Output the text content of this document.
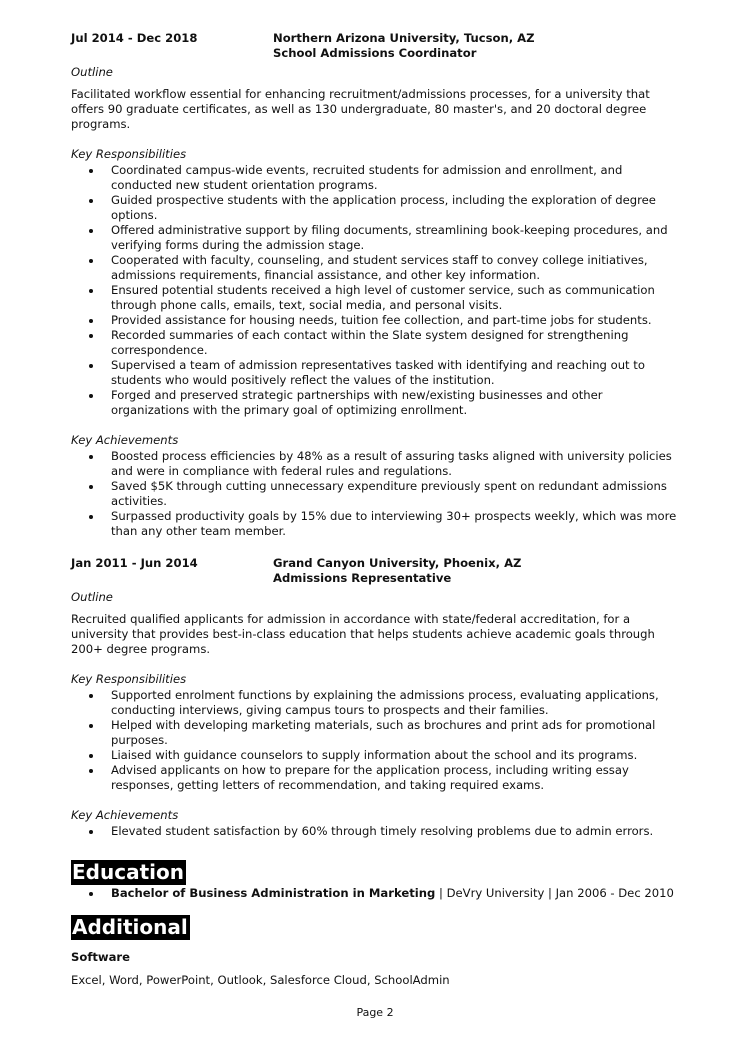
Jul 2014 - Dec 2018	Northern Arizona University, Tucson, AZ
School Admissions Coordinator
Outline
Facilitated workflow essential for enhancing recruitment/admissions processes, for a university that offers 90 graduate certificates, as well as 130 undergraduate, 80 master's, and 20 doctoral degree programs.
Key Responsibilities
Coordinated campus-wide events, recruited students for admission and enrollment, and conducted new student orientation programs.
Guided prospective students with the application process, including the exploration of degree options.
Offered administrative support by filing documents, streamlining book-keeping procedures, and verifying forms during the admission stage.
Cooperated with faculty, counseling, and student services staff to convey college initiatives, admissions requirements, financial assistance, and other key information.
Ensured potential students received a high level of customer service, such as communication through phone calls, emails, text, social media, and personal visits.
Provided assistance for housing needs, tuition fee collection, and part-time jobs for students.
Recorded summaries of each contact within the Slate system designed for strengthening correspondence.
Supervised a team of admission representatives tasked with identifying and reaching out to students who would positively reflect the values of the institution.
Forged and preserved strategic partnerships with new/existing businesses and other organizations with the primary goal of optimizing enrollment.
Key Achievements
Boosted process efficiencies by 48% as a result of assuring tasks aligned with university policies and were in compliance with federal rules and regulations.
Saved $5K through cutting unnecessary expenditure previously spent on redundant admissions activities.
Surpassed productivity goals by 15% due to interviewing 30+ prospects weekly, which was more than any other team member.
Jan 2011 - Jun 2014	Grand Canyon University, Phoenix, AZ
Admissions Representative
Outline
Recruited qualified applicants for admission in accordance with state/federal accreditation, for a university that provides best-in-class education that helps students achieve academic goals through 200+ degree programs.
Key Responsibilities
Supported enrolment functions by explaining the admissions process, evaluating applications, conducting interviews, giving campus tours to prospects and their families.
Helped with developing marketing materials, such as brochures and print ads for promotional purposes.
Liaised with guidance counselors to supply information about the school and its programs.
Advised applicants on how to prepare for the application process, including writing essay responses, getting letters of recommendation, and taking required exams.
Key Achievements
Elevated student satisfaction by 60% through timely resolving problems due to admin errors.
Education
Bachelor of Business Administration in Marketing | DeVry University | Jan 2006 - Dec 2010
Additional
Software
Excel, Word, PowerPoint, Outlook, Salesforce Cloud, SchoolAdmin
Page 2
